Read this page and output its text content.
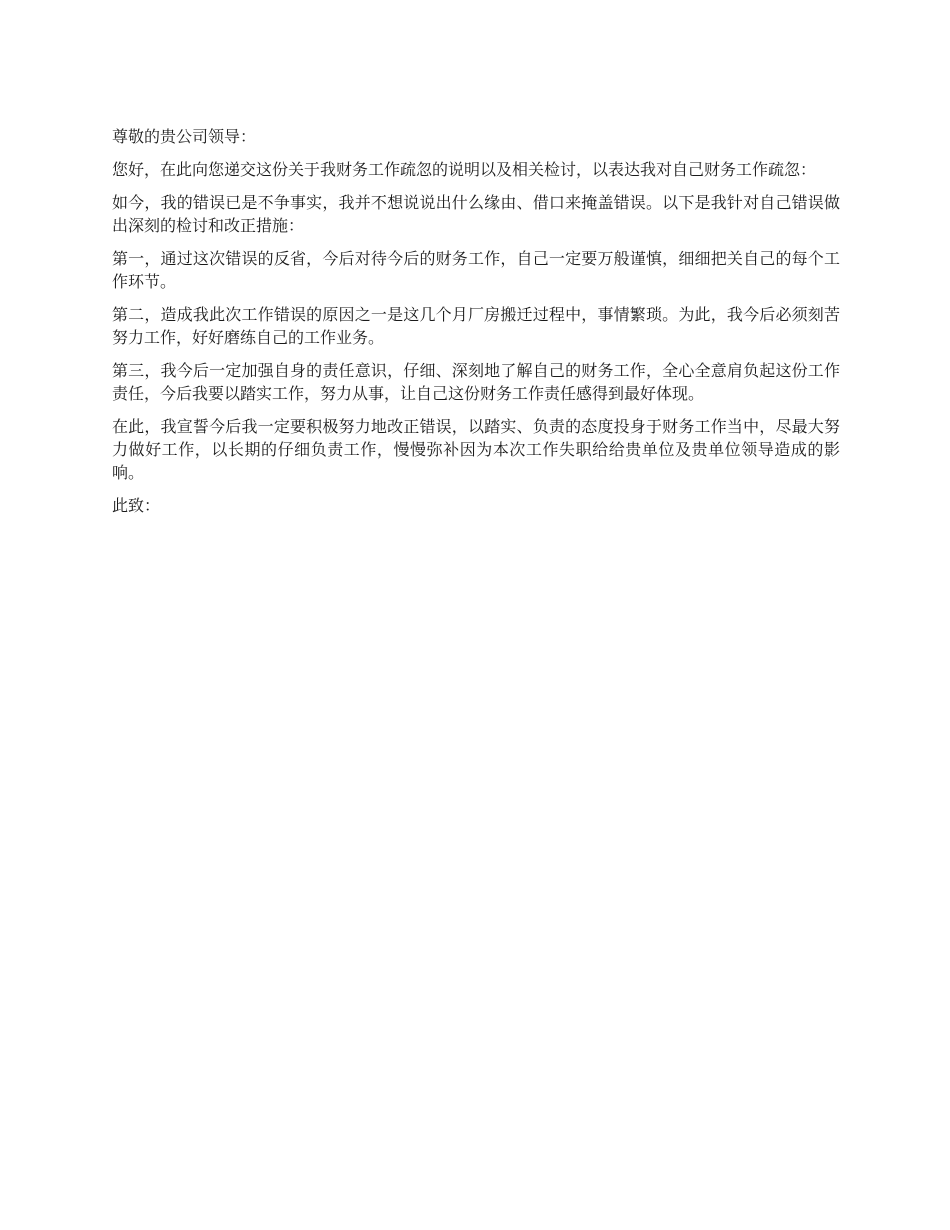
尊敬的贵公司领导：

您好，在此向您递交这份关于我财务工作疏忽的说明以及相关检讨，以表达我对自己财务工作疏忽：

如今，我的错误已是不争事实，我并不想说说出什么缘由、借口来掩盖错误。以下是我针对自己错误做出深刻的检讨和改正措施：

第一，通过这次错误的反省，今后对待今后的财务工作，自己一定要万般谨慎，细细把关自己的每个工作环节。

第二，造成我此次工作错误的原因之一是这几个月厂房搬迁过程中，事情繁琐。为此，我今后必须刻苦努力工作，好好磨练自己的工作业务。

第三，我今后一定加强自身的责任意识，仔细、深刻地了解自己的财务工作，全心全意肩负起这份工作责任，今后我要以踏实工作，努力从事，让自己这份财务工作责任感得到最好体现。

在此，我宣誓今后我一定要积极努力地改正错误，以踏实、负责的态度投身于财务工作当中，尽最大努力做好工作，以长期的仔细负责工作，慢慢弥补因为本次工作失职给给贵单位及贵单位领导造成的影响。

此致：
